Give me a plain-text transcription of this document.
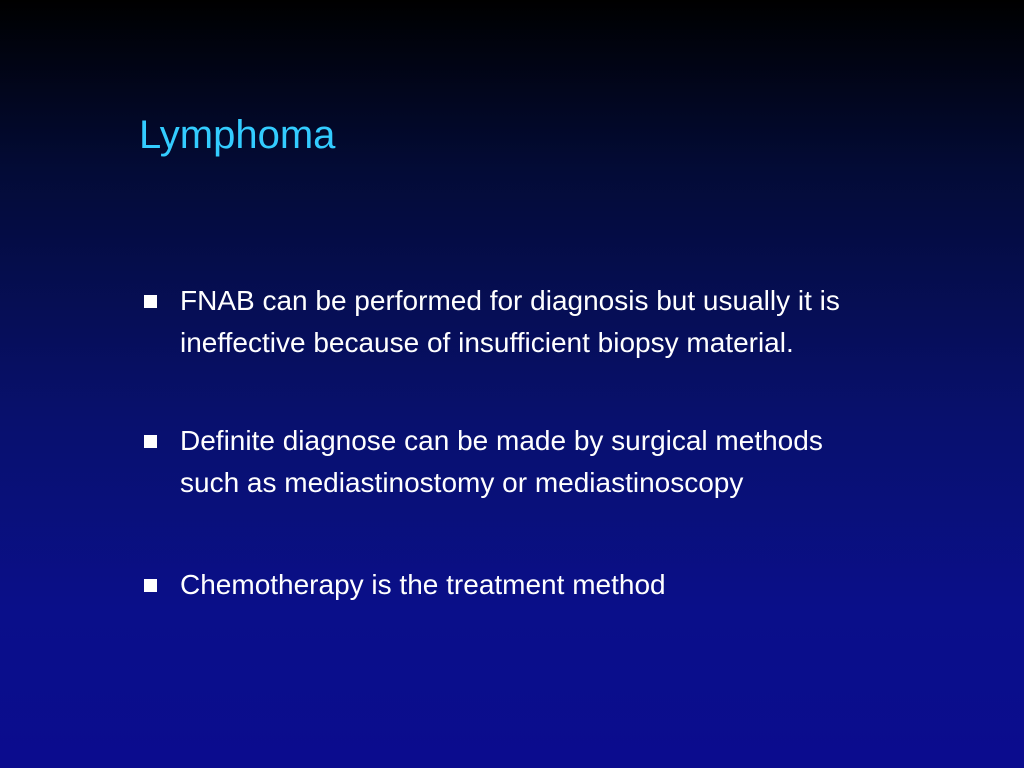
Lymphoma
FNAB can be performed for diagnosis but usually it is
ineffective because of insufficient biopsy material.
Definite diagnose can be made by surgical methods
such as mediastinostomy or mediastinoscopy
Chemotherapy is the treatment method
